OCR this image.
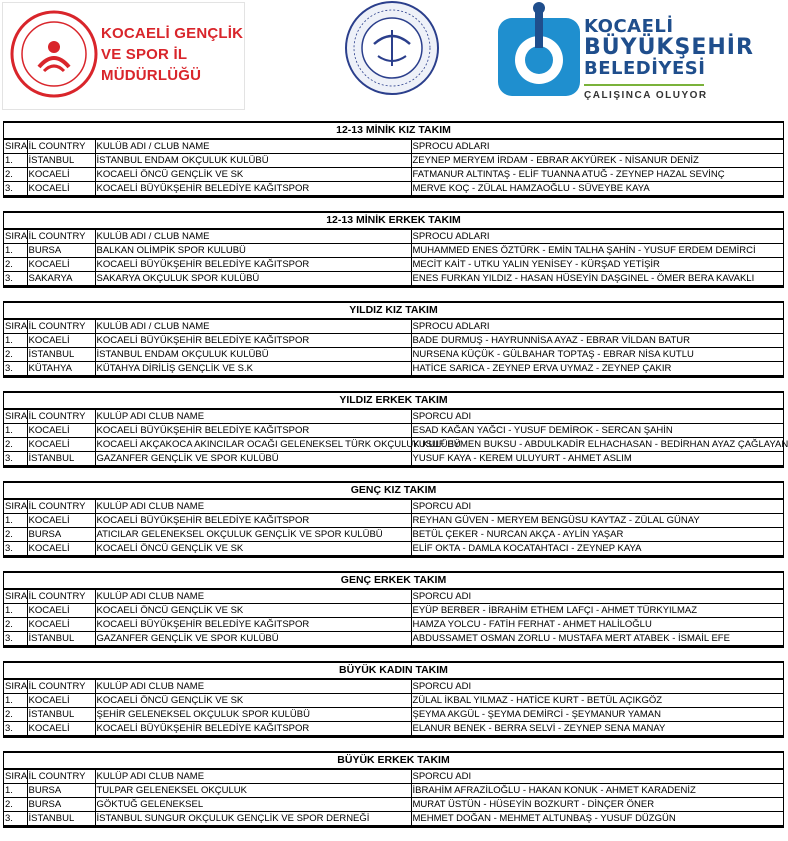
KOCAELİ GENÇLİK
VE SPOR İL
MÜDÜRLÜĞÜ
KOCAELİ
BÜYÜKŞEHİR
BELEDİYESİ
ÇALIŞINCA OLUYOR
12-13 MİNİK KIZ TAKIM
SIRA	İL COUNTRY	KULÜB ADI / CLUB NAME	SPROCU ADLARI
1.	İSTANBUL	İSTANBUL ENDAM OKÇULUK KULÜBÜ	ZEYNEP MERYEM İRDAM - EBRAR AKYÜREK - NİSANUR DENİZ
2.	KOCAELİ	KOCAELİ ÖNCÜ GENÇLİK VE SK	FATMANUR ALTINTAŞ - ELİF TUANNA ATUĞ - ZEYNEP HAZAL SEVİNÇ
3.	KOCAELİ	KOCAELİ BÜYÜKŞEHİR BELEDİYE KAĞITSPOR	MERVE KOÇ - ZÜLAL HAMZAOĞLU - SÜVEYBE KAYA
12-13 MİNİK ERKEK TAKIM
SIRA	İL COUNTRY	KULÜB ADI / CLUB NAME	SPROCU ADLARI
1.	BURSA	BALKAN OLİMPİK SPOR KULUBÜ	MUHAMMED ENES ÖZTÜRK - EMİN TALHA ŞAHİN - YUSUF ERDEM DEMİRCİ
2.	KOCAELİ	KOCAELİ BÜYÜKŞEHİR BELEDİYE KAĞITSPOR	MECİT KAİT - UTKU YALIN YENİSEY - KÜRŞAD YETİŞİR
3.	SAKARYA	SAKARYA OKÇULUK SPOR KULÜBÜ	ENES FURKAN YILDIZ - HASAN HÜSEYİN DAŞGINEL - ÖMER BERA KAVAKLI
YILDIZ KIZ TAKIM
SIRA	İL COUNTRY	KULÜB ADI / CLUB NAME	SPROCU ADLARI
1.	KOCAELİ	KOCAELİ BÜYÜKŞEHİR BELEDİYE KAĞITSPOR	BADE DURMUŞ - HAYRUNNİSA AYAZ - EBRAR VİLDAN BATUR
2.	İSTANBUL	İSTANBUL ENDAM OKÇULUK KULÜBÜ	NURSENA KÜÇÜK - GÜLBAHAR TOPTAŞ - EBRAR NİSA KUTLU
3.	KÜTAHYA	KÜTAHYA DİRİLİŞ GENÇLİK VE S.K	HATİCE SARICA - ZEYNEP ERVA UYMAZ - ZEYNEP ÇAKIR
YILDIZ ERKEK TAKIM
SIRA	İL COUNTRY	KULÜP ADI CLUB NAME	SPORCU ADI
1.	KOCAELİ	KOCAELİ BÜYÜKŞEHİR BELEDİYE KAĞITSPOR	ESAD KAĞAN YAĞCI - YUSUF DEMİROK - SERCAN ŞAHİN
2.	KOCAELİ	KOCAELİ AKÇAKOCA AKINCILAR OCAĞI GELENEKSEL TÜRK OKÇULUK KULÜBÜ	YUSUF EYMEN BUKSU - ABDULKADİR ELHACHASAN - BEDİRHAN AYAZ ÇAĞLAYAN
3.	İSTANBUL	GAZANFER GENÇLİK VE SPOR KULÜBÜ	YUSUF KAYA - KEREM ULUYURT - AHMET ASLIM
GENÇ KIZ TAKIM
SIRA	İL COUNTRY	KULÜP ADI CLUB NAME	SPORCU ADI
1.	KOCAELİ	KOCAELİ BÜYÜKŞEHİR BELEDİYE KAĞITSPOR	REYHAN GÜVEN - MERYEM BENGÜSU KAYTAZ - ZÜLAL GÜNAY
2.	BURSA	ATICILAR GELENEKSEL OKÇULUK GENÇLİK VE SPOR KULÜBÜ	BETÜL ÇEKER - NURCAN AKÇA - AYLİN YAŞAR
3.	KOCAELİ	KOCAELİ ÖNCÜ GENÇLİK VE SK	ELİF OKTA - DAMLA KOCATAHTACI - ZEYNEP KAYA
GENÇ ERKEK TAKIM
SIRA	İL COUNTRY	KULÜP ADI CLUB NAME	SPORCU ADI
1.	KOCAELİ	KOCAELİ ÖNCÜ GENÇLİK VE SK	EYÜP BERBER - İBRAHİM ETHEM LAFÇI - AHMET TÜRKYILMAZ
2.	KOCAELİ	KOCAELİ BÜYÜKŞEHİR BELEDİYE KAĞITSPOR	HAMZA YOLCU - FATİH FERHAT - AHMET HALİLOĞLU
3.	İSTANBUL	GAZANFER GENÇLİK VE SPOR KULÜBÜ	ABDUSSAMET OSMAN ZORLU - MUSTAFA MERT ATABEK - İSMAİL EFE
BÜYÜK KADIN TAKIM
SIRA	İL COUNTRY	KULÜP ADI CLUB NAME	SPORCU ADI
1.	KOCAELİ	KOCAELİ ÖNCÜ GENÇLİK VE SK	ZÜLAL İKBAL YILMAZ - HATİCE KURT - BETÜL AÇIKGÖZ
2.	İSTANBUL	ŞEHİR GELENEKSEL OKÇULUK SPOR KULÜBÜ	ŞEYMA AKGÜL - ŞEYMA DEMİRCİ - ŞEYMANUR YAMAN
3.	KOCAELİ	KOCAELİ BÜYÜKŞEHİR BELEDİYE KAĞITSPOR	ELANUR BENEK - BERRA SELVİ - ZEYNEP SENA MANAY
BÜYÜK ERKEK TAKIM
SIRA	İL COUNTRY	KULÜP ADI CLUB NAME	SPORCU ADI
1.	BURSA	TULPAR GELENEKSEL OKÇULUK	İBRAHİM AFRAZİLOĞLU - HAKAN KONUK - AHMET KARADENİZ
2.	BURSA	GÖKTUĞ GELENEKSEL	MURAT ÜSTÜN - HÜSEYİN BOZKURT - DİNÇER ÖNER
3.	İSTANBUL	İSTANBUL SUNGUR OKÇULUK GENÇLİK VE SPOR DERNEĞİ	MEHMET DOĞAN - MEHMET ALTUNBAŞ - YUSUF DÜZGÜN
